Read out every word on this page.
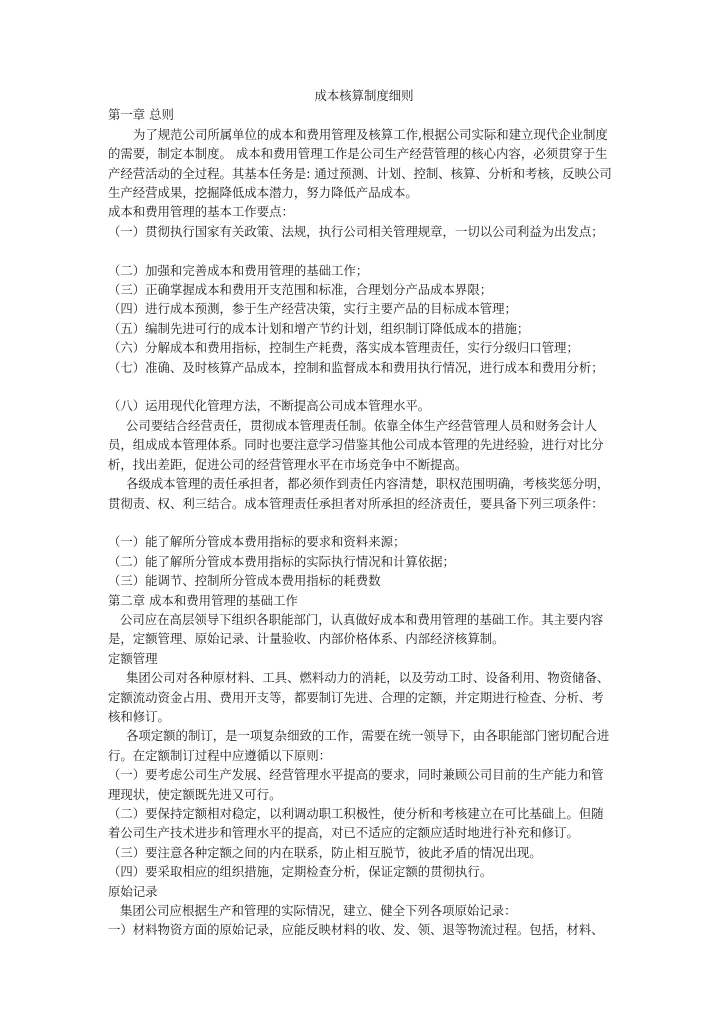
成本核算制度细则
第一章 总则
为了规范公司所属单位的成本和费用管理及核算工作,根据公司实际和建立现代企业制度的需要，制定本制度。 成本和费用管理工作是公司生产经营管理的核心内容，必须贯穿于生产经营活动的全过程。其基本任务是: 通过预测、计划、控制、核算、分析和考核，反映公司生产经营成果，挖掘降低成本潜力，努力降低产品成本。
成本和费用管理的基本工作要点：
（一）贯彻执行国家有关政策、法规，执行公司相关管理规章，一切以公司利益为出发点；
（二）加强和完善成本和费用管理的基础工作；
（三）正确掌握成本和费用开支范围和标准，合理划分产品成本界限；
（四）进行成本预测，参于生产经营决策，实行主要产品的目标成本管理；
（五）编制先进可行的成本计划和增产节约计划，组织制订降低成本的措施；
（六）分解成本和费用指标，控制生产耗费，落实成本管理责任，实行分级归口管理；
（七）准确、及时核算产品成本，控制和监督成本和费用执行情况，进行成本和费用分析；
（八）运用现代化管理方法，不断提高公司成本管理水平。
公司要结合经营责任，贯彻成本管理责任制。依靠全体生产经营管理人员和财务会计人员，组成成本管理体系。同时也要注意学习借鉴其他公司成本管理的先进经验，进行对比分析，找出差距，促进公司的经营管理水平在市场竞争中不断提高。
各级成本管理的责任承担者，都必须作到责任内容清楚，职权范围明确，考核奖惩分明，贯彻责、权、利三结合。成本管理责任承担者对所承担的经济责任，要具备下列三项条件：
（一）能了解所分管成本费用指标的要求和资料来源；
（二）能了解所分管成本费用指标的实际执行情况和计算依据；
（三）能调节、控制所分管成本费用指标的耗费数
第二章 成本和费用管理的基础工作
公司应在高层领导下组织各职能部门，认真做好成本和费用管理的基础工作。其主要内容是，定额管理、原始记录、计量验收、内部价格体系、内部经济核算制。
定额管理
集团公司对各种原材料、工具、燃料动力的消耗，以及劳动工时、设备利用、物资储备、定额流动资金占用、费用开支等，都要制订先进、合理的定额，并定期进行检查、分析、考核和修订。
各项定额的制订，是一项复杂细致的工作，需要在统一领导下，由各职能部门密切配合进行。在定额制订过程中应遵循以下原则：
（一）要考虑公司生产发展、经营管理水平提高的要求，同时兼顾公司目前的生产能力和管理现状，使定额既先进又可行。
（二）要保持定额相对稳定，以利调动职工积极性，使分析和考核建立在可比基础上。但随着公司生产技术进步和管理水平的提高，对已不适应的定额应适时地进行补充和修订。
（三）要注意各种定额之间的内在联系，防止相互脱节，彼此矛盾的情况出现。
（四）要采取相应的组织措施，定期检查分析，保证定额的贯彻执行。
原始记录
集团公司应根据生产和管理的实际情况，建立、健全下列各项原始记录：
一）材料物资方面的原始记录，应能反映材料的收、发、领、退等物流过程。包括，材料、
